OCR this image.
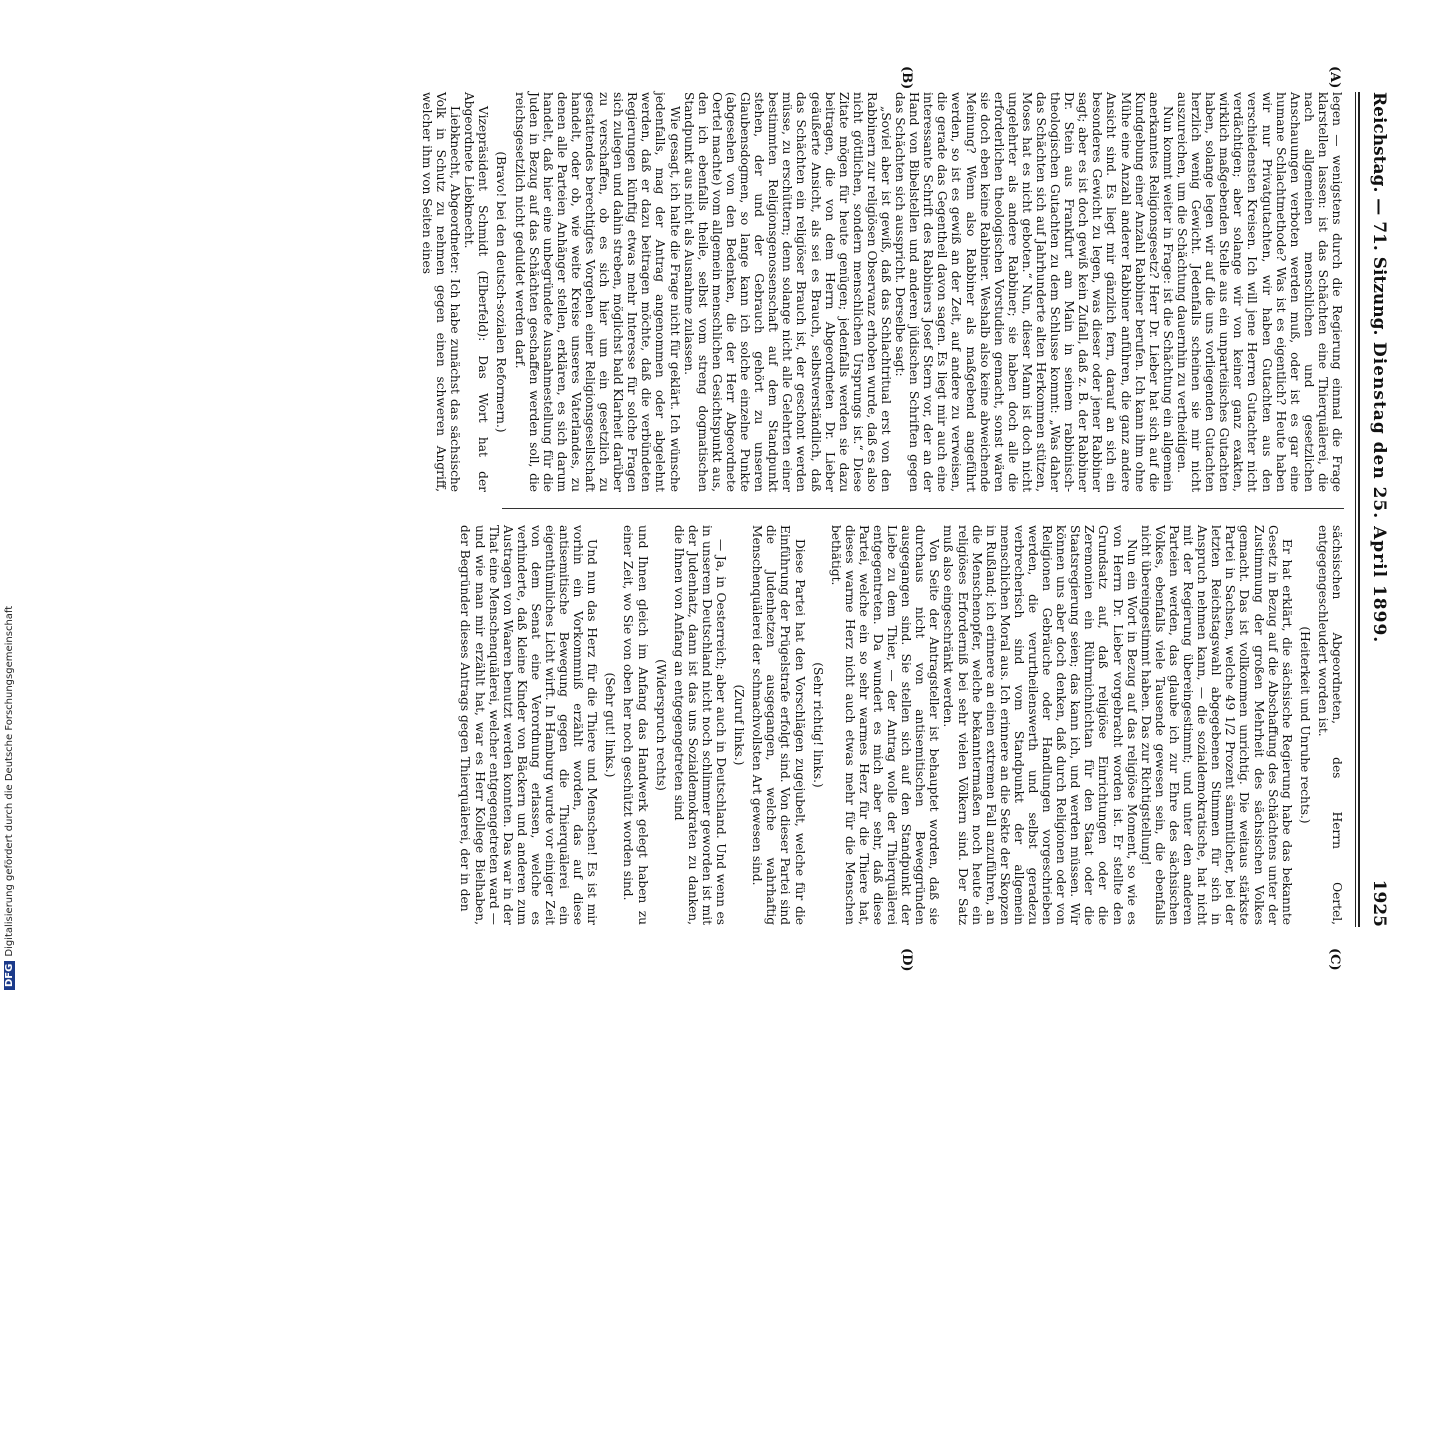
Reichstag. — 71. Sitzung.
Dienstag den 25. April 1899.
1925
(A)
(B)
(C)
(D)

legen — wenigstens durch die Regierung einmal die Frage klarstellen lassen: ist das Schächten eine Thierquälerei, die nach allgemeinen menschlichen und gesetzlichen Anschauungen verboten werden muß, oder ist es gar eine humane Schlachtmethode? Was ist es eigentlich? Heute haben wir nur Privatgutachten, wir haben Gutachten aus den verschiedensten Kreisen. Ich will jene Herren Gutachter nicht verdächtigen; aber solange wir von keiner ganz exakten, wirklich maßgebenden Stelle aus ein unparteiisches Gutachten haben, solange legen wir auf die uns vorliegenden Gutachten herzlich wenig Gewicht. Jedenfalls scheinen sie mir nicht auszureichen, um die Schächtung dauernhin zu vertheidigen.

Nun kommt weiter in Frage: ist die Schächtung ein allgemein anerkanntes Religionsgesetz? Herr Dr. Lieber hat sich auf die Kundgebung einer Anzahl Rabbiner berufen. Ich kann ihm ohne Mühe eine Anzahl anderer Rabbiner anführen, die ganz andere Ansicht sind. Es liegt mir gänzlich fern, darauf an sich ein besonderes Gewicht zu legen, was dieser oder jener Rabbiner sagt; aber es ist doch gewiß kein Zufall, daß z. B. der Rabbiner Dr. Stein aus Frankfurt am Main in seinem rabbinisch-theologischen Gutachten zu dem Schlusse kommt: „Was daher das Schächten sich auf Jahrhunderte alten Herkommen stützen, Moses hat es nicht geboten.“ Nun, dieser Mann ist doch nicht ungelehrter als andere Rabbiner; sie haben doch alle die erforderlichen theologischen Vorstudien gemacht, sonst wären sie doch eben keine Rabbiner. Weshalb also keine abweichende Meinung? Wenn also Rabbiner als maßgebend angeführt werden, so ist es gewiß an der Zeit, auf andere zu verweisen, die gerade das Gegentheil davon sagen. Es liegt mir auch eine interessante Schrift des Rabbiners Josef Stern vor, der an der Hand von Bibelstellen und anderen jüdischen Schriften gegen das Schächten sich ausspricht. Derselbe sagt:

„Soviel aber ist gewiß, daß das Schlachtritual erst von den Rabbinern zur religiösen Observanz erhoben wurde, daß es also nicht göttlichen, sondern menschlichen Ursprungs ist.“ Diese Zitate mögen für heute genügen; jedenfalls werden sie dazu beitragen, die von dem Herrn Abgeordneten Dr. Lieber geäußerte Ansicht, als sei es Brauch, selbstverständlich, daß das Schächten ein religiöser Brauch ist, der geschont werden müsse, zu erschüttern; denn solange nicht alle Gelehrten einer bestimmten Religionsgenossenschaft auf dem Standpunkt stehen, der und der Gebrauch gehört zu unseren Glaubensdogmen, so lange kann ich solche einzelne Punkte (abgesehen von den Bedenken, die der Herr Abgeordnete Oertel machte) vom allgemein menschlichen Gesichtspunkt aus, den ich ebenfalls theile, selbst vom streng dogmatischen Standpunkt aus nicht als Ausnahme zulassen.

Wie gesagt, ich halte die Frage nicht für geklärt. Ich wünsche jedenfalls, mag der Antrag angenommen oder abgelehnt werden, daß er dazu beitragen möchte, daß die verbündeten Regierungen künftig etwas mehr Interesse für solche Fragen sich zulegen und dahin streben, möglichst bald Klarheit darüber zu verschaffen, ob es sich hier um ein gesetzlich zu gestattendes berechtigtes Vorgehen einer Religionsgesellschaft handelt, oder ob, wie weite Kreise unseres Vaterlandes, zu denen alle Parteien Anhänger stellen, erklären, es sich darum handelt, daß hier eine unbegründete Ausnahmestellung für die Juden in Bezug auf das Schächten geschaffen werden soll, die reichsgesetzlich nicht geduldet werden darf.

(Bravo! bei den deutsch-sozialen Reformern.)

Vizepräsident Schmidt (Elberfeld): Das Wort hat der Abgeordnete Liebknecht.

Liebknecht, Abgeordneter: Ich habe zunächst das sächsische Volk in Schutz zu nehmen gegen einen schweren Angriff, welcher ihm von Seiten eines

sächsischen Abgeordneten, des Herrn Oertel, entgegengeschleudert worden ist.

(Heiterkeit und Unruhe rechts.)

Er hat erklärt, die sächsische Regierung habe das bekannte Gesetz in Bezug auf die Abschaffung des Schächtens unter der Zustimmung der großen Mehrheit des sächsischen Volkes gemacht. Das ist vollkommen unrichtig. Die weitaus stärkste Partei in Sachsen, welche 49 1/2 Prozent sämmtlicher, bei der letzten Reichstagswahl abgegebenen Stimmen für sich in Anspruch nehmen kann, — die sozialdemokratische, hat nicht mit der Regierung übereingestimmt; und unter den anderen Parteien werden, das glaube ich zur Ehre des sächsischen Volkes, ebenfalls viele Tausende gewesen sein, die ebenfalls nicht übereingestimmt haben. Das zur Richtigstellung!

Nun ein Wort in Bezug auf das religiöse Moment, so wie es von Herrn Dr. Lieber vorgebracht worden ist. Er stellte den Grundsatz auf, daß religiöse Einrichtungen oder die Zeremonien ein Rührmichnichtan für den Staat oder die Staatsregierung seien; das kann ich, und werden müssen. Wir können uns aber doch denken, daß durch Religionen oder von Religionen Gebräuche oder Handlungen vorgeschrieben werden, die verurtheilenswerth und selbst geradezu verbrecherisch sind vom Standpunkt der allgemein menschlichen Moral aus. Ich erinnere an die Sekte der Skopzen in Rußland; ich erinnere an einen extremen Fall anzuführen, an die Menschenopfer, welche bekanntermaßen noch heute ein religiöses Erforderniß bei sehr vielen Völkern sind. Der Satz muß also eingeschränkt werden.

Von Seite der Antragsteller ist behauptet worden, daß sie durchaus nicht von antisemitischen Beweggründen ausgegangen sind. Sie stellen sich auf den Standpunkt der Liebe zu dem Thier, — der Antrag wolle der Thierquälerei entgegentreten. Da wundert es mich aber sehr, daß diese Partei, welche ein so sehr warmes Herz für die Thiere hat, dieses warme Herz nicht auch etwas mehr für die Menschen bethätigt.

(Sehr richtig! links.)

Diese Partei hat den Vorschlägen zugejubelt, welche für die Einführung der Prügelstrafe erfolgt sind. Von dieser Partei sind die Judenhetzen ausgegangen, welche wahrhaftig Menschenquälerei der schmachvollsten Art gewesen sind.

(Zuruf links.)

— Ja, in Oesterreich; aber auch in Deutschland. Und wenn es in unserem Deutschland nicht noch schlimmer geworden ist mit der Judenhatz, dann ist das uns Sozialdemokraten zu danken, die Ihnen von Anfang an entgegengetreten sind

(Widerspruch rechts)

und Ihnen gleich im Anfang das Handwerk gelegt haben zu einer Zeit, wo Sie von oben her noch geschützt worden sind.

(Sehr gut! links.)

Und nun das Herz für die Thiere und Menschen! Es ist mir vorhin ein Vorkommniß erzählt worden, das auf diese antisemitische Bewegung gegen die Thierquälerei ein eigenthümliches Licht wirft. In Hamburg wurde vor einiger Zeit von dem Senat eine Verordnung erlassen, welche es verhinderte, daß kleine Kinder von Bäckern und anderen zum Austragen von Waaren benutzt werden konnten. Das war in der That eine Menschenquälerei, welcher entgegengetreten ward — und wie man mir erzählt hat, war es Herr Kollege Bielhaben, der Begründer dieses Antrags gegen Thierquälerei, der in den

DFGDigitalisierung gefördert durch die Deutsche Forschungsgemeinschaft
